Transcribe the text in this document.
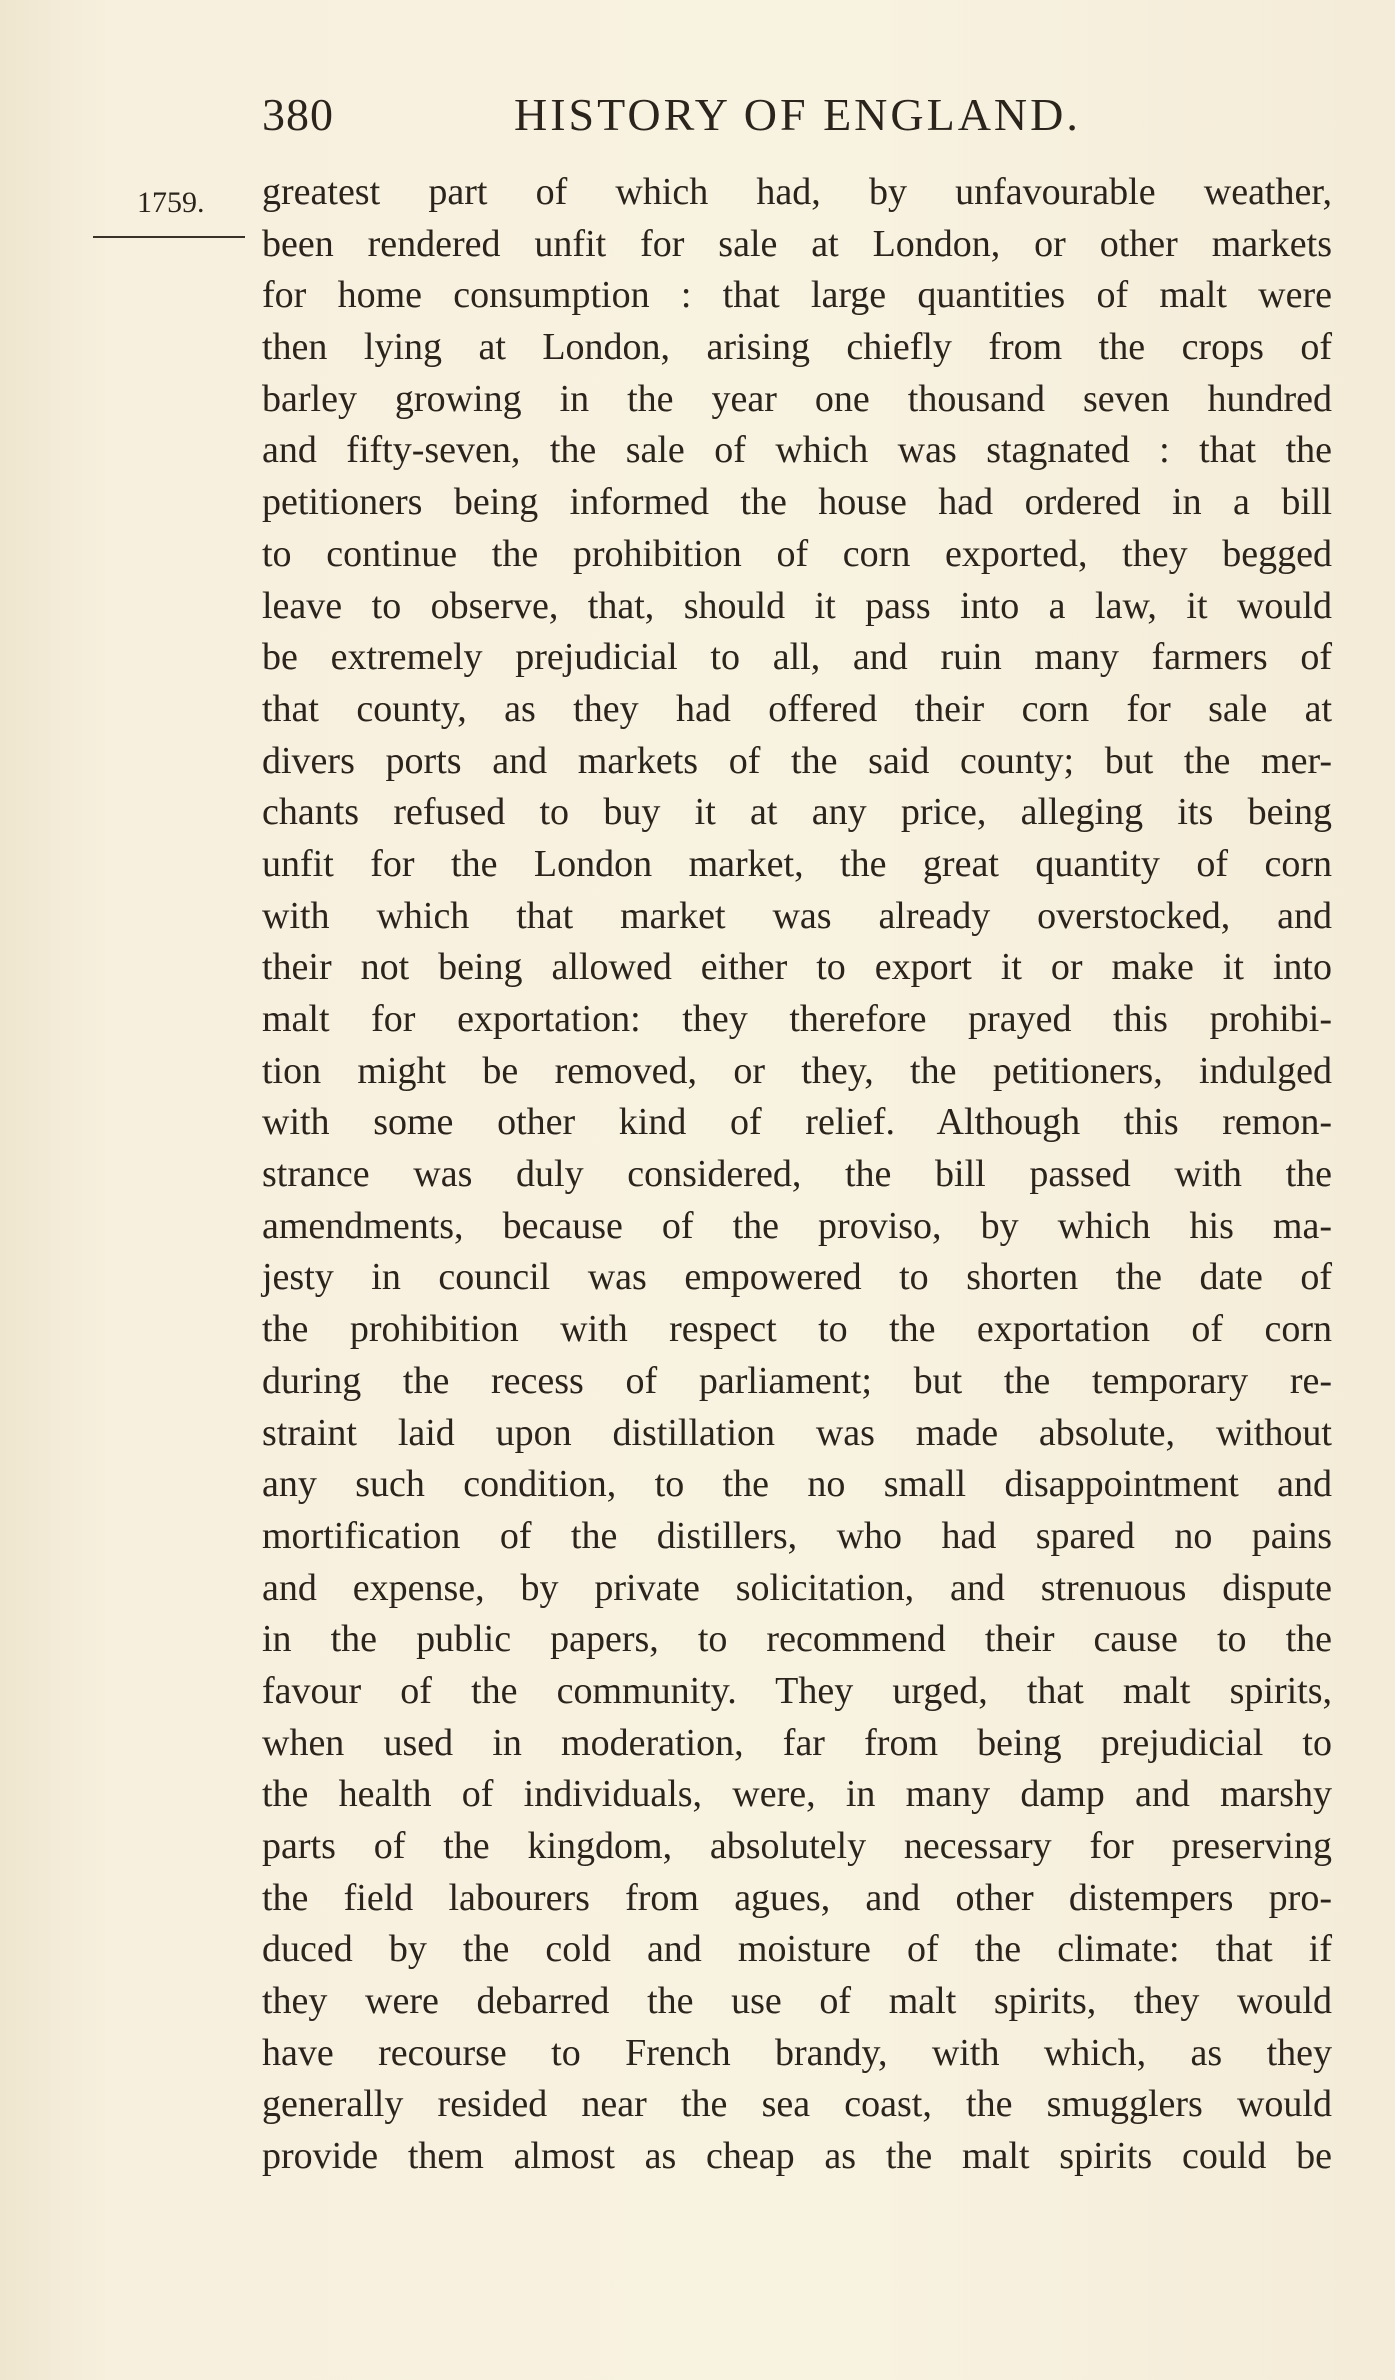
380	HISTORY OF ENGLAND.
1759. greatest part of which had, by unfavourable weather,
been rendered unfit for sale at London, or other markets
for home consumption : that large quantities of malt were
then lying at London, arising chiefly from the crops of
barley growing in the year one thousand seven hundred
and fifty-seven, the sale of which was stagnated : that the
petitioners being informed the house had ordered in a bill
to continue the prohibition of corn exported, they begged
leave to observe, that, should it pass into a law, it would
be extremely prejudicial to all, and ruin many farmers of
that county, as they had offered their corn for sale at
divers ports and markets of the said county; but the mer-
chants refused to buy it at any price, alleging its being
unfit for the London market, the great quantity of corn
with which that market was already overstocked, and
their not being allowed either to export it or make it into
malt for exportation: they therefore prayed this prohibi-
tion might be removed, or they, the petitioners, indulged
with some other kind of relief. Although this remon-
strance was duly considered, the bill passed with the
amendments, because of the proviso, by which his ma-
jesty in council was empowered to shorten the date of
the prohibition with respect to the exportation of corn
during the recess of parliament; but the temporary re-
straint laid upon distillation was made absolute, without
any such condition, to the no small disappointment and
mortification of the distillers, who had spared no pains
and expense, by private solicitation, and strenuous dispute
in the public papers, to recommend their cause to the
favour of the community. They urged, that malt spirits,
when used in moderation, far from being prejudicial to
the health of individuals, were, in many damp and marshy
parts of the kingdom, absolutely necessary for preserving
the field labourers from agues, and other distempers pro-
duced by the cold and moisture of the climate: that if
they were debarred the use of malt spirits, they would
have recourse to French brandy, with which, as they
generally resided near the sea coast, the smugglers would
provide them almost as cheap as the malt spirits could be
